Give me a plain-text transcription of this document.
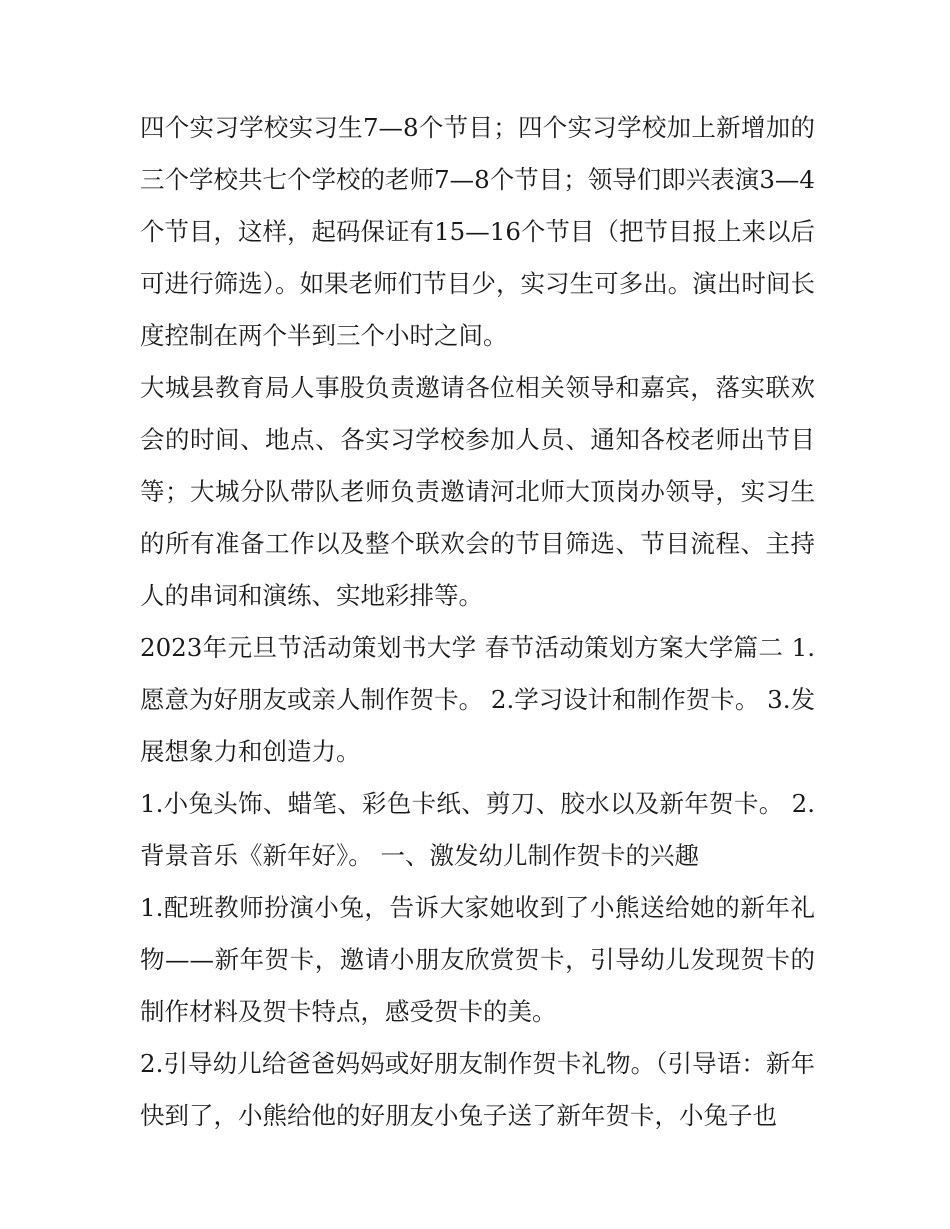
四个实习学校实习生7—8个节目；四个实习学校加上新增加的三个学校共七个学校的老师7—8个节目；领导们即兴表演3—4个节目，这样，起码保证有15—16个节目（把节目报上来以后可进行筛选）。如果老师们节目少，实习生可多出。演出时间长度控制在两个半到三个小时之间。

大城县教育局人事股负责邀请各位相关领导和嘉宾，落实联欢会的时间、地点、各实习学校参加人员、通知各校老师出节目等；大城分队带队老师负责邀请河北师大顶岗办领导，实习生的所有准备工作以及整个联欢会的节目筛选、节目流程、主持人的串词和演练、实地彩排等。

2023年元旦节活动策划书大学 春节活动策划方案大学篇二 1.愿意为好朋友或亲人制作贺卡。 2.学习设计和制作贺卡。 3.发展想象力和创造力。

1.小兔头饰、蜡笔、彩色卡纸、剪刀、胶水以及新年贺卡。 2.背景音乐《新年好》。 一、激发幼儿制作贺卡的兴趣

1.配班教师扮演小兔，告诉大家她收到了小熊送给她的新年礼物——新年贺卡，邀请小朋友欣赏贺卡，引导幼儿发现贺卡的制作材料及贺卡特点，感受贺卡的美。

2.引导幼儿给爸爸妈妈或好朋友制作贺卡礼物。（引导语：新年快到了，小熊给他的好朋友小兔子送了新年贺卡，小兔子也
